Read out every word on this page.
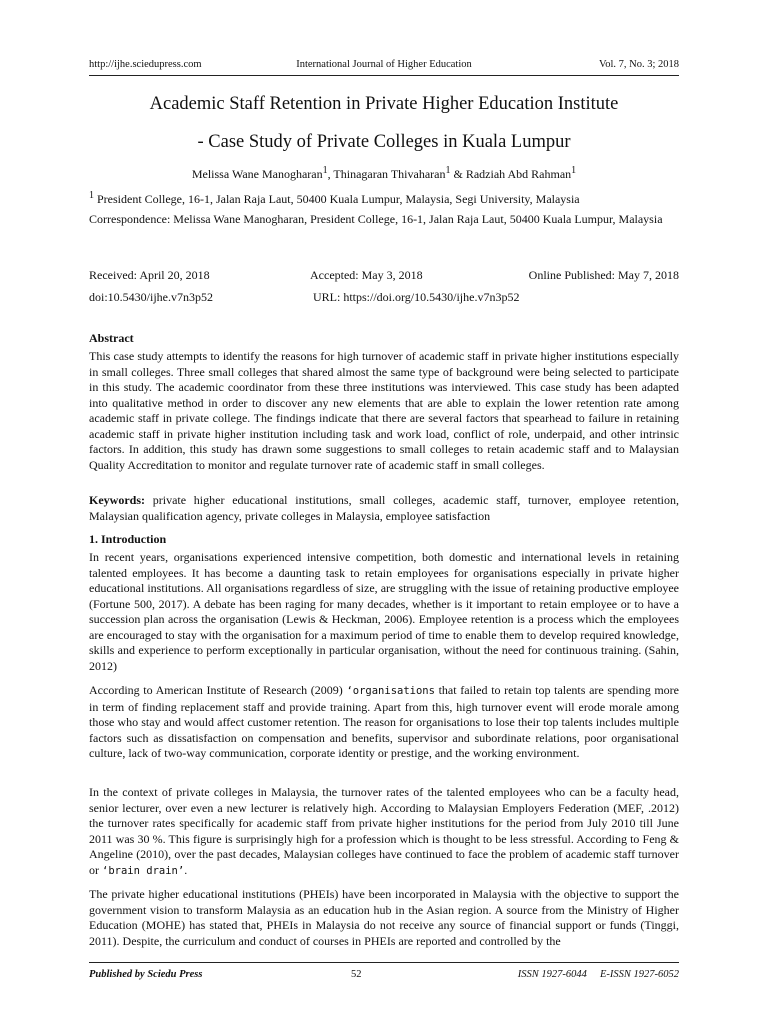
http://ijhe.sciedupress.com	International Journal of Higher Education	Vol. 7, No. 3; 2018
Academic Staff Retention in Private Higher Education Institute
- Case Study of Private Colleges in Kuala Lumpur
Melissa Wane Manogharan$^1$, Thinagaran Thivaharan$^1$ & Radziah Abd Rahman$^1$
$^1$ President College, 16-1, Jalan Raja Laut, 50400 Kuala Lumpur, Malaysia, Segi University, Malaysia
Correspondence: Melissa Wane Manogharan, President College, 16-1, Jalan Raja Laut, 50400 Kuala Lumpur, Malaysia
Received: April 20, 2018	Accepted: May 3, 2018	Online Published: May 7, 2018
doi:10.5430/ijhe.v7n3p52	URL: https://doi.org/10.5430/ijhe.v7n3p52
Abstract

This case study attempts to identify the reasons for high turnover of academic staff in private higher institutions especially in small colleges. Three small colleges that shared almost the same type of background were being selected to participate in this study. The academic coordinator from these three institutions was interviewed. This case study has been adapted into qualitative method in order to discover any new elements that are able to explain the lower retention rate among academic staff in private college. The findings indicate that there are several factors that spearhead to failure in retaining academic staff in private higher institution including task and work load, conflict of role, underpaid, and other intrinsic factors. In addition, this study has drawn some suggestions to small colleges to retain academic staff and to Malaysian Quality Accreditation to monitor and regulate turnover rate of academic staff in small colleges.

Keywords: private higher educational institutions, small colleges, academic staff, turnover, employee retention, Malaysian qualification agency, private colleges in Malaysia, employee satisfaction

1. Introduction

In recent years, organisations experienced intensive competition, both domestic and international levels in retaining talented employees. It has become a daunting task to retain employees for organisations especially in private higher educational institutions. All organisations regardless of size, are struggling with the issue of retaining productive employee (Fortune 500, 2017). A debate has been raging for many decades, whether is it important to retain employee or to have a succession plan across the organisation (Lewis & Heckman, 2006). Employee retention is a process which the employees are encouraged to stay with the organisation for a maximum period of time to enable them to develop required knowledge, skills and experience to perform exceptionally in particular organisation, without the need for continuous training. (Sahin, 2012)

According to American Institute of Research (2009) ‘organisations that failed to retain top talents are spending more in term of finding replacement staff and provide training. Apart from this, high turnover event will erode morale among those who stay and would affect customer retention. The reason for organisations to lose their top talents includes multiple factors such as dissatisfaction on compensation and benefits, supervisor and subordinate relations, poor organisational culture, lack of two-way communication, corporate identity or prestige, and the working environment.

In the context of private colleges in Malaysia, the turnover rates of the talented employees who can be a faculty head, senior lecturer, over even a new lecturer is relatively high. According to Malaysian Employers Federation (MEF, .2012) the turnover rates specifically for academic staff from private higher institutions for the period from July 2010 till June 2011 was 30 %. This figure is surprisingly high for a profession which is thought to be less stressful. According to Feng & Angeline (2010), over the past decades, Malaysian colleges have continued to face the problem of academic staff turnover or ‘brain drain’.

The private higher educational institutions (PHEIs) have been incorporated in Malaysia with the objective to support the government vision to transform Malaysia as an education hub in the Asian region. A source from the Ministry of Higher Education (MOHE) has stated that, PHEIs in Malaysia do not receive any source of financial support or funds (Tinggi, 2011). Despite, the curriculum and conduct of courses in PHEIs are reported and controlled by the

Published by Sciedu Press	52	ISSN 1927-6044     E-ISSN 1927-6052
